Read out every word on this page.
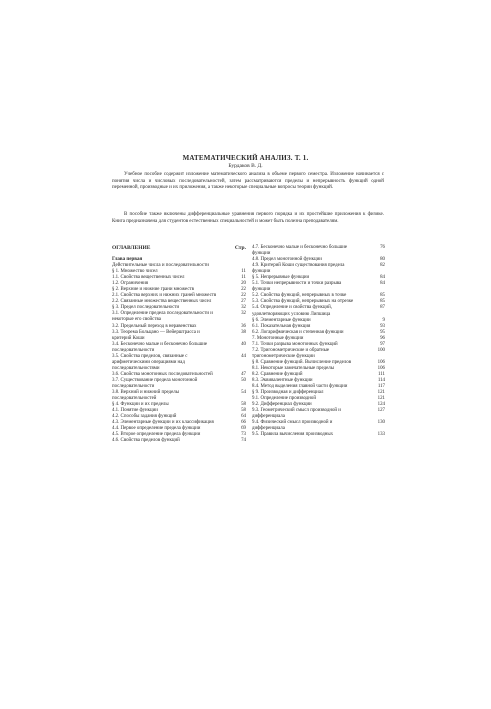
МАТЕМАТИЧЕСКИЙ АНАЛИЗ. Т. 1.
Бурдаков В. Д.

Учебное пособие содержит изложение математического анализа в объеме первого семестра. Изложение начинается с понятия числа и числовых последовательностей, затем рассматриваются пределы и непрерывность функций одной переменной, производные и их приложения, а также некоторые специальные вопросы теории функций.

В пособие также включены дифференциальные уравнения первого порядка и их простейшие приложения к физике. Книга предназначена для студентов естественных специальностей и может быть полезна преподавателям.

ОГЛАВЛЕНИЕ	Стр.
Глава первая
Действительные числа и последовательности
§ 1. Множество чисел	11
1.1. Свойства вещественных чисел	11
1.2. Ограничения	20
§ 2. Верхние и нижние грани множеств	22
2.1. Свойства верхних и нижних граней множеств	22
2.2. Связанные множества вещественных чисел	27
§ 3. Предел последовательности	32
3.1. Определение предела последовательности и некоторые его свойства
32
3.2. Предельный переход в неравенствах	36
3.3. Теорема Больцано — Вейерштрасса и критерий Коши
38
3.4. Бесконечно малые и бесконечно большие последовательности
40
3.5. Свойства пределов, связанные с арифметическими операциями над последовательностями
44
3.6. Свойства монотонных последовательностей	47
3.7. Существование предела монотонной последовательности
50
3.8. Верхний и нижний пределы последовательностей
54
§ 4. Функции и их пределы	58
4.1. Понятие функции	58
4.2. Способы задания функций	64
4.3. Элементарные функции и их классификация	66
4.4. Первое определение предела функции	69
4.5. Второе определение предела функции	73
4.6. Свойства пределов функций	74
4.7. Бесконечно малые и бесконечно большие функции
76
4.8. Предел монотонной функции	80
4.9. Критерий Коши существования предела функции
82
§ 5. Непрерывные функции	84
5.1. Точки непрерывности и точки разрыва функции
84
5.2. Свойства функций, непрерывных в точке	85
5.3. Свойства функций, непрерывных на отрезке	85
5.4. Определение и свойства функций, удовлетворяющих условию Липшица
87
§ 6. Элементарные функции	9
6.1. Показательная функция	93
6.2. Логарифмическая и степенная функции	95
7. Монотонные функции	96
7.1. Точки разрыва монотонных функций	97
7.2. Тригонометрические и обратные тригонометрические функции
100
§ 8. Сравнение функций. Вычисление пределов	106
8.1. Некоторые замечательные пределы	106
8.2. Сравнение функций	111
8.3. Эквивалентные функции	114
8.4. Метод выделения главной части функции	117
§ 9. Производная и дифференциал	121
9.1. Определение производной	121
9.2. Дифференциал функции	124
9.3. Геометрический смысл производной и дифференциала
127
9.4. Физический смысл производной и дифференциала
130
9.5. Правила вычисления производных	133
